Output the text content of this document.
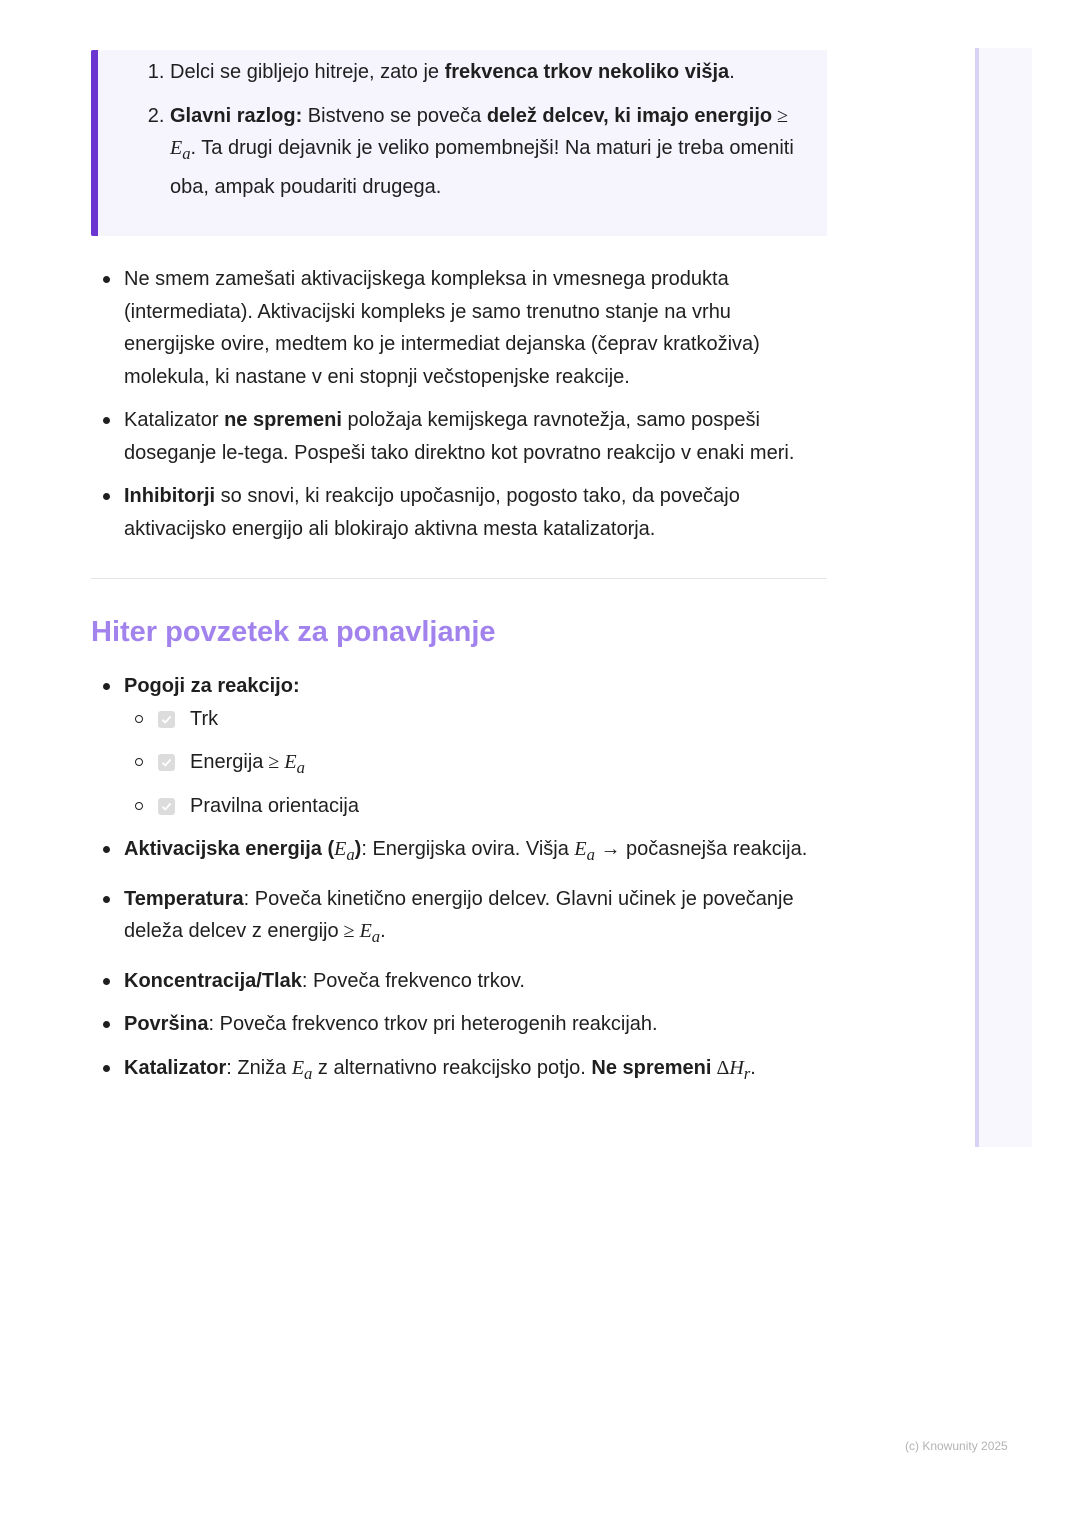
1. Delci se gibljejo hitreje, zato je frekvenca trkov nekoliko višja.
2. Glavni razlog: Bistveno se poveča delež delcev, ki imajo energijo ≥
$E_a$. Ta drugi dejavnik je veliko pomembnejši! Na maturi je treba omeniti oba, ampak poudariti drugega.
Ne smem zamešati aktivacijskega kompleksa in vmesnega produkta (intermediata). Aktivacijski kompleks je samo trenutno stanje na vrhu energijske ovire, medtem ko je intermediat dejanska (čeprav kratkoživa) molekula, ki nastane v eni stopnji večstopenjske reakcije.
Katalizator ne spremeni položaja kemijskega ravnotežja, samo pospeši doseganje le-tega. Pospeši tako direktno kot povratno reakcijo v enaki meri.
Inhibitorji so snovi, ki reakcijo upočasnijo, pogosto tako, da povečajo aktivacijsko energijo ali blokirajo aktivna mesta katalizatorja.
Hiter povzetek za ponavljanje
Pogoji za reakcijo:
Trk
Energija ≥ $E_a$
Pravilna orientacija
Aktivacijska energija $(E_a)$: Energijska ovira. Višja $E_a$ → počasnejša reakcija.
Temperatura: Poveča kinetično energijo delcev. Glavni učinek je povečanje deleža delcev z energijo ≥ $E_a$.
Koncentracija/Tlak: Poveča frekvenco trkov.
Površina: Poveča frekvenco trkov pri heterogenih reakcijah.
Katalizator: Zniža $E_a$ z alternativno reakcijsko potjo. Ne spremeni $\Delta H_r$.
(c) Knowunity 2025
